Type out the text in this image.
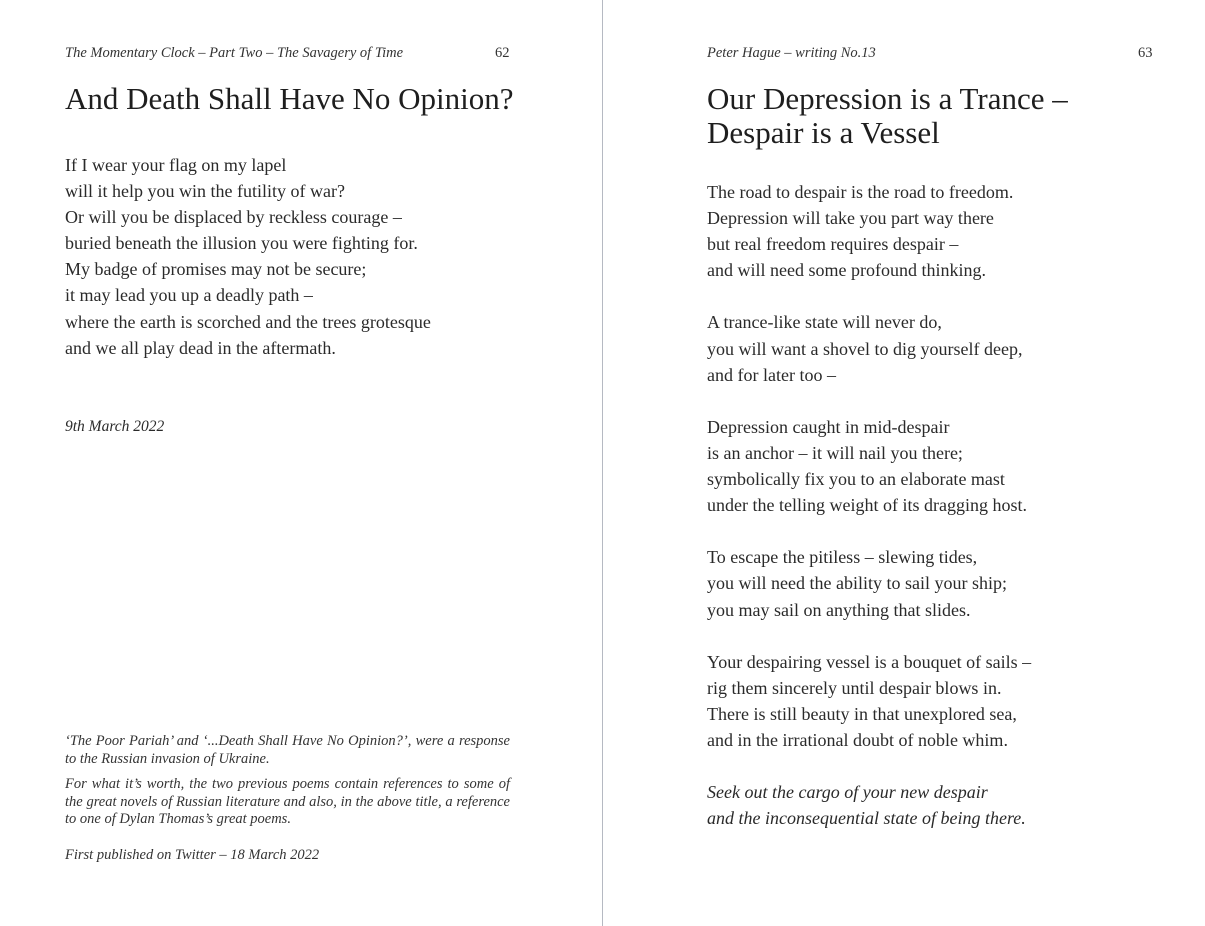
The Momentary Clock – Part Two – The Savagery of Time	62
And Death Shall Have No Opinion?
If I wear your flag on my lapel
will it help you win the futility of war?
Or will you be displaced by reckless courage –
buried beneath the illusion you were fighting for.
My badge of promises may not be secure;
it may lead you up a deadly path –
where the earth is scorched and the trees grotesque
and we all play dead in the aftermath.
9th March 2022

‘The Poor Pariah’ and ‘...Death Shall Have No Opinion?’, were a response to the Russian invasion of Ukraine.

For what it’s worth, the two previous poems contain references to some of the great novels of Russian literature and also, in the above title, a reference to one of Dylan Thomas’s great poems.

First published on Twitter – 18 March 2022
Peter Hague – writing No.13	63
Our Depression is a Trance –
Despair is a Vessel
The road to despair is the road to freedom.
Depression will take you part way there
but real freedom requires despair –
and will need some profound thinking.
A trance-like state will never do,
you will want a shovel to dig yourself deep,
and for later too –
Depression caught in mid-despair
is an anchor – it will nail you there;
symbolically fix you to an elaborate mast
under the telling weight of its dragging host.
To escape the pitiless – slewing tides,
you will need the ability to sail your ship;
you may sail on anything that slides.
Your despairing vessel is a bouquet of sails –
rig them sincerely until despair blows in.
There is still beauty in that unexplored sea,
and in the irrational doubt of noble whim.
Seek out the cargo of your new despair
and the inconsequential state of being there.
